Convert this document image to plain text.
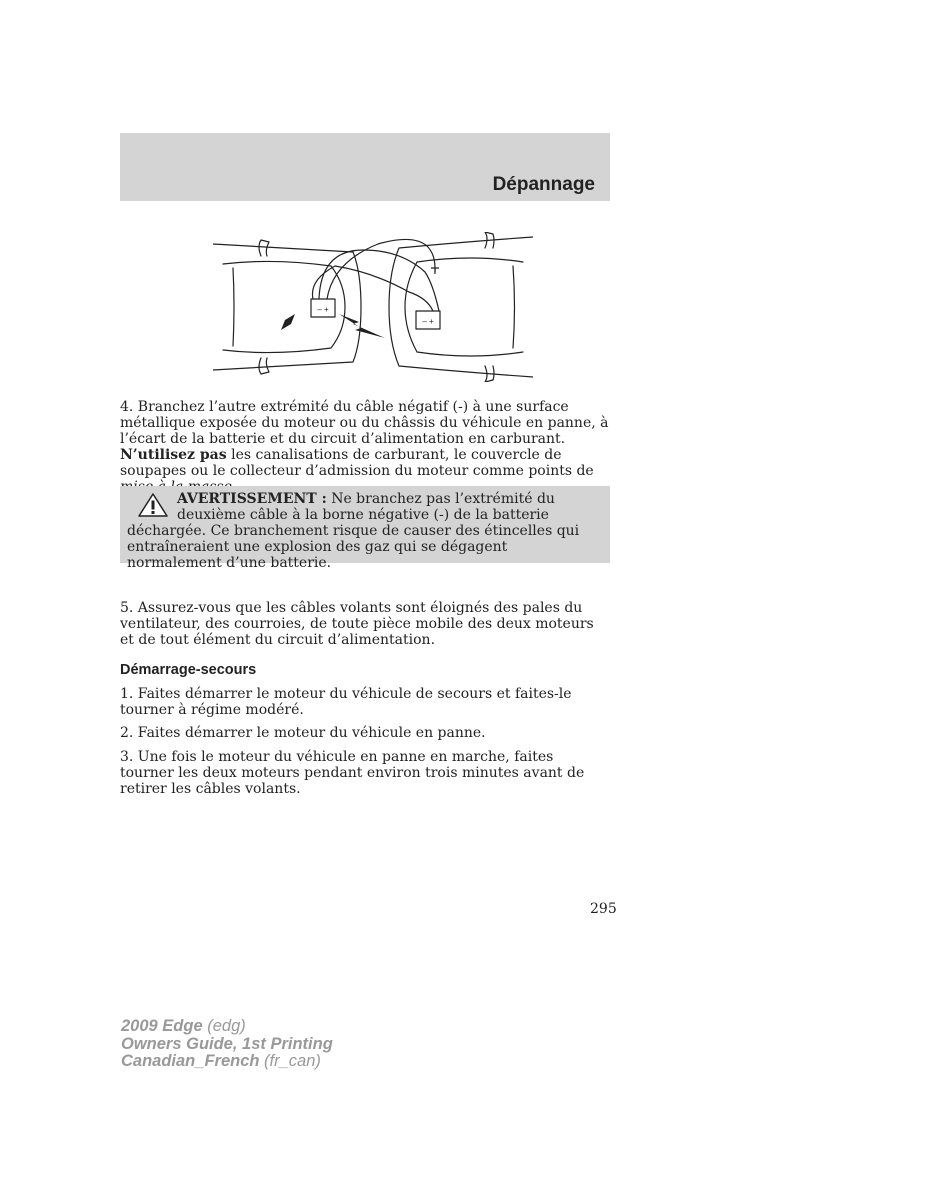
Dépannage
– +
– +
4. Branchez l’autre extrémité du câble négatif (-) à une surface métallique exposée du moteur ou du châssis du véhicule en panne, à l’écart de la batterie et du circuit d’alimentation en carburant. N’utilisez pas les canalisations de carburant, le couvercle de soupapes ou le collecteur d’admission du moteur comme points de
AVERTISSEMENT : Ne branchez pas l’extrémité du deuxième câble à la borne négative (-) de la batterie déchargée. Ce branchement risque de causer des étincelles qui entraîneraient une explosion des gaz qui se dégagent normalement d’une batterie.
5. Assurez-vous que les câbles volants sont éloignés des pales du ventilateur, des courroies, de toute pièce mobile des deux moteurs et de tout élément du circuit d’alimentation.
Démarrage-secours
1. Faites démarrer le moteur du véhicule de secours et faites-le tourner à régime modéré.
2. Faites démarrer le moteur du véhicule en panne.
3. Une fois le moteur du véhicule en panne en marche, faites tourner les deux moteurs pendant environ trois minutes avant de retirer les câbles volants.
295
2009 Edge (edg)
Owners Guide, 1st Printing
Canadian_French (fr_can)
